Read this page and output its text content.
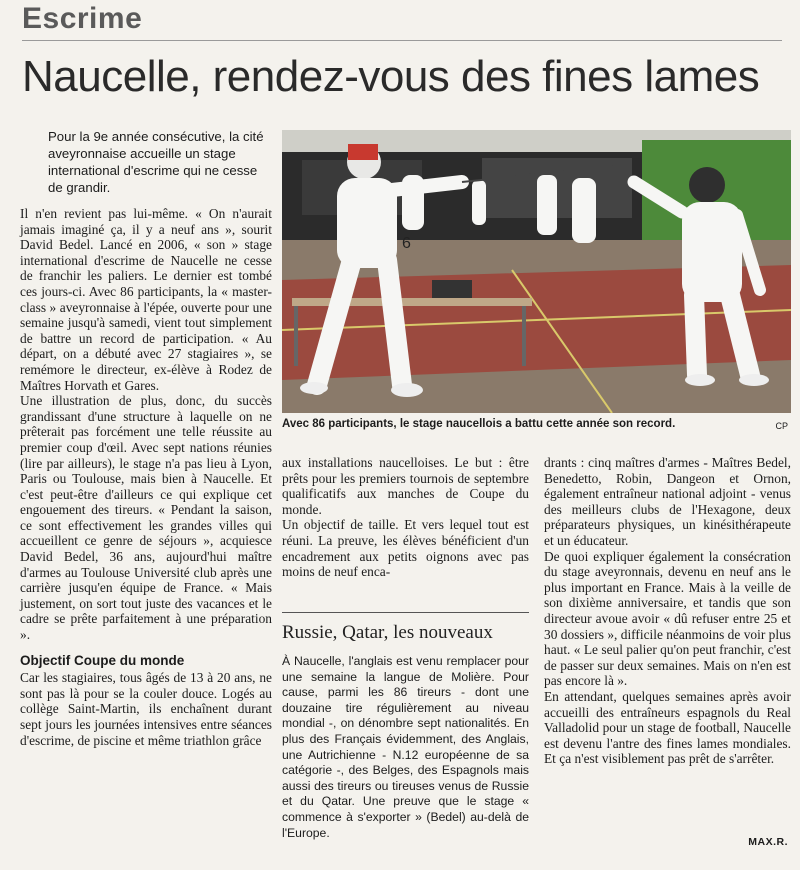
Escrime
Naucelle, rendez-vous des fines lames
Pour la 9e année consécutive, la cité aveyronnaise accueille un stage international d'escrime qui ne cesse de grandir.
6
Avec 86 participants, le stage naucellois a battu cette année son record.	CP

Il n'en revient pas lui-même. « On n'aurait jamais imaginé ça, il y a neuf ans », sourit David Bedel. Lancé en 2006, « son » stage international d'escrime de Naucelle ne cesse de franchir les paliers. Le dernier est tombé ces jours-ci. Avec 86 participants, la « master-class » aveyronnaise à l'épée, ouverte pour une semaine jusqu'à samedi, vient tout simplement de battre un record de participation. « Au départ, on a débuté avec 27 stagiaires », se remémore le directeur, ex-élève à Rodez de Maîtres Horvath et Gares.

Une illustration de plus, donc, du succès grandissant d'une structure à laquelle on ne prêterait pas forcément une telle réussite au premier coup d'œil. Avec sept nations réunies (lire par ailleurs), le stage n'a pas lieu à Lyon, Paris ou Toulouse, mais bien à Naucelle. Et c'est peut-être d'ailleurs ce qui explique cet engouement des tireurs. « Pendant la saison, ce sont effectivement les grandes villes qui accueillent ce genre de séjours », acquiesce David Bedel, 36 ans, aujourd'hui maître d'armes au Toulouse Université club après une carrière jusqu'en équipe de France. « Mais justement, on sort tout juste des vacances et le cadre se prête parfaitement à une préparation ».

Objectif Coupe du monde

Car les stagiaires, tous âgés de 13 à 20 ans, ne sont pas là pour se la couler douce. Logés au collège Saint-Martin, ils enchaînent durant sept jours les journées intensives entre séances d'escrime, de piscine et même triathlon grâce

aux installations naucelloises. Le but : être prêts pour les premiers tournois de septembre qualificatifs aux manches de Coupe du monde.

Un objectif de taille. Et vers lequel tout est réuni. La preuve, les élèves bénéficient d'un encadrement aux petits oignons avec pas moins de neuf enca-

Russie, Qatar, les nouveaux

À Naucelle, l'anglais est venu remplacer pour une semaine la langue de Molière. Pour cause, parmi les 86 tireurs - dont une douzaine tire régulièrement au niveau mondial -, on dénombre sept nationalités. En plus des Français évidemment, des Anglais, une Autrichienne - N.12 européenne de sa catégorie -, des Belges, des Espagnols mais aussi des tireurs ou tireuses venus de Russie et du Qatar. Une preuve que le stage « commence à s'exporter » (Bedel) au-delà de l'Europe.

drants : cinq maîtres d'armes - Maîtres Bedel, Benedetto, Robin, Dangeon et Ornon, également entraîneur national adjoint - venus des meilleurs clubs de l'Hexagone, deux préparateurs physiques, un kinésithérapeute et un éducateur.

De quoi expliquer également la consécration du stage aveyronnais, devenu en neuf ans le plus important en France. Mais à la veille de son dixième anniversaire, et tandis que son directeur avoue avoir « dû refuser entre 25 et 30 dossiers », difficile néanmoins de voir plus haut. « Le seul palier qu'on peut franchir, c'est de passer sur deux semaines. Mais on n'en est pas encore là ».

En attendant, quelques semaines après avoir accueilli des entraîneurs espagnols du Real Valladolid pour un stage de football, Naucelle est devenu l'antre des fines lames mondiales. Et ça n'est visiblement pas prêt de s'arrêter.

MAX.R.
